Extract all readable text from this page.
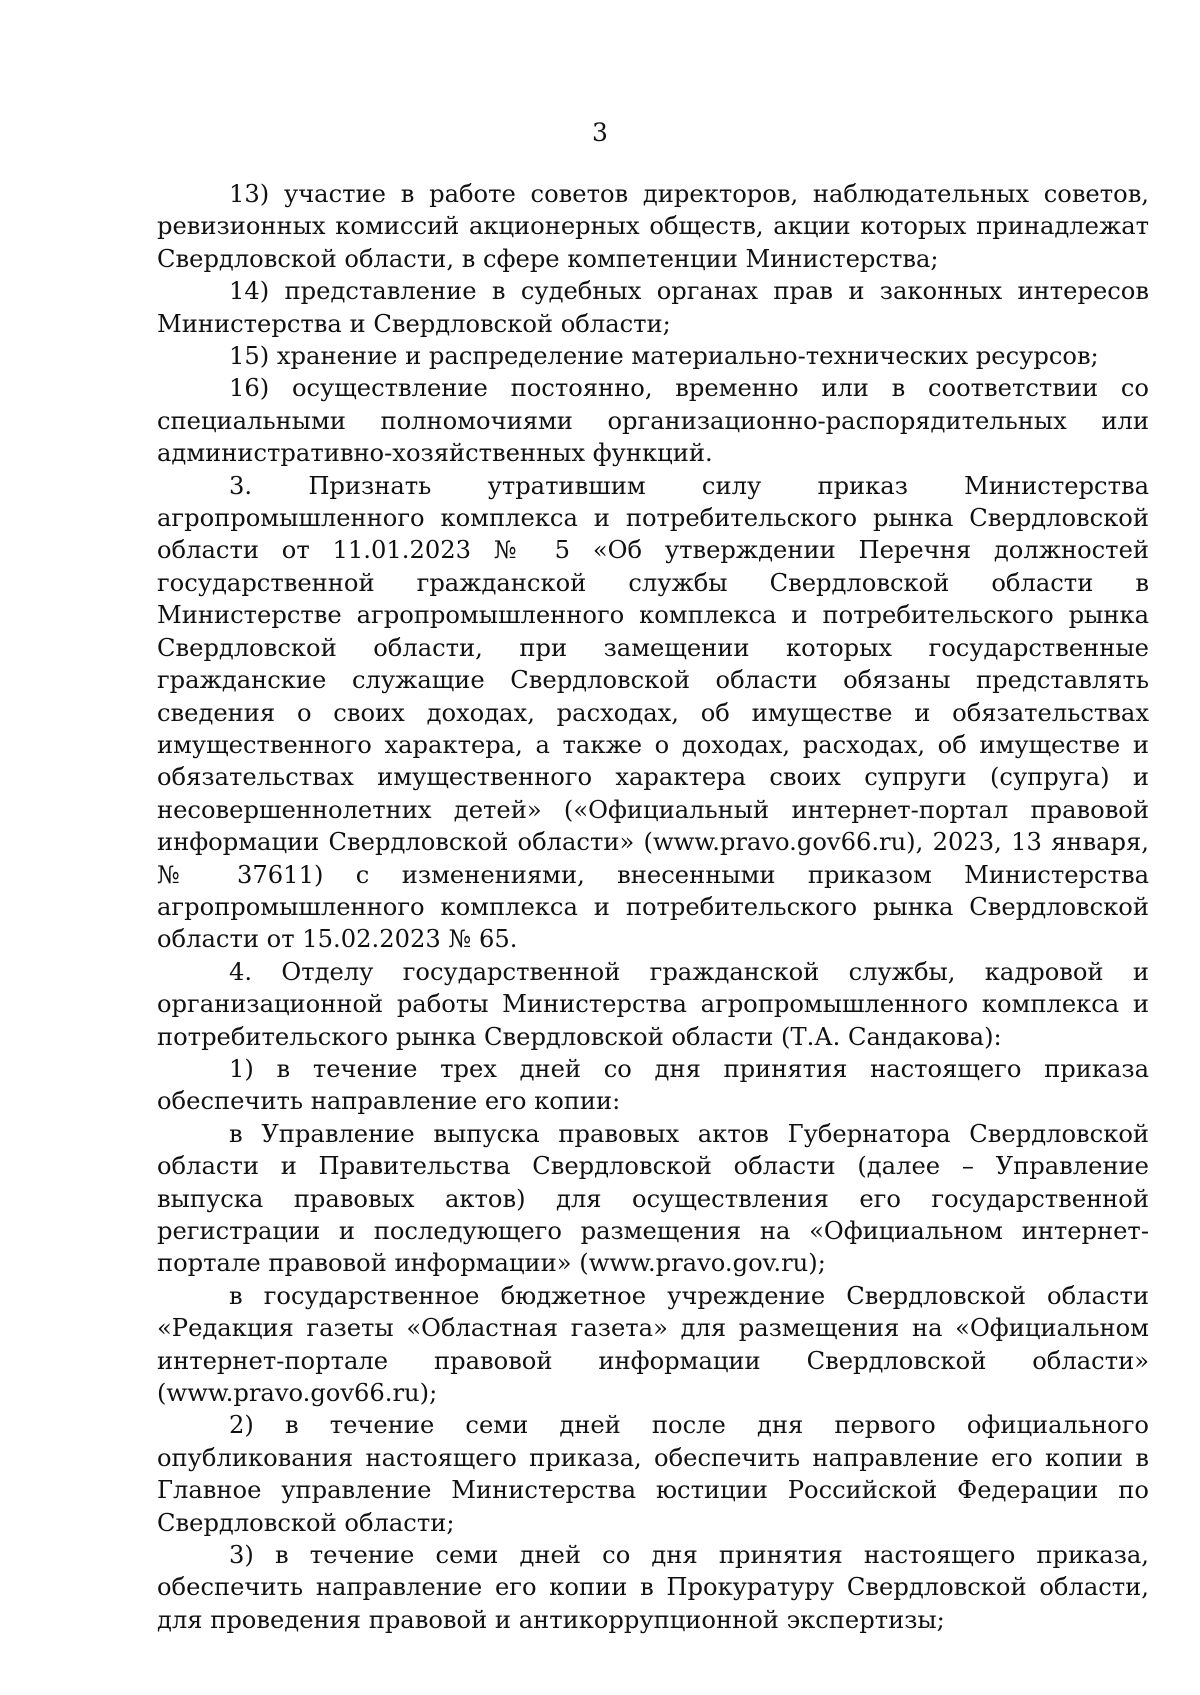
3

13) участие в работе советов директоров, наблюдательных советов, ревизионных комиссий акционерных обществ, акции которых принадлежат Свердловской области, в сфере компетенции Министерства;

14) представление в судебных органах прав и законных интересов Министерства и Свердловской области;

15) хранение и распределение материально-технических ресурсов;

16) осуществление постоянно, временно или в соответствии со специальными полномочиями организационно-распорядительных или административно-хозяйственных функций.

3. Признать утратившим силу приказ Министерства агропромышленного комплекса и потребительского рынка Свердловской области от 11.01.2023 № 5 «Об утверждении Перечня должностей государственной гражданской службы Свердловской области в Министерстве агропромышленного комплекса и потребительского рынка Свердловской области, при замещении которых государственные гражданские служащие Свердловской области обязаны представлять сведения о своих доходах, расходах, об имуществе и обязательствах имущественного характера, а также о доходах, расходах, об имуществе и обязательствах имущественного характера своих супруги (супруга) и несовершеннолетних детей» («Официальный интернет-портал правовой информации Свердловской области» (www.pravo.gov66.ru), 2023, 13 января, № 37611) с изменениями, внесенными приказом Министерства агропромышленного комплекса и потребительского рынка Свердловской области от 15.02.2023 № 65.

4. Отделу государственной гражданской службы, кадровой и организационной работы Министерства агропромышленного комплекса и потребительского рынка Свердловской области (Т.А. Сандакова):

1) в течение трех дней со дня принятия настоящего приказа обеспечить направление его копии:

в Управление выпуска правовых актов Губернатора Свердловской области и Правительства Свердловской области (далее – Управление выпуска правовых актов) для осуществления его государственной регистрации и последующего размещения на «Официальном интернет-портале правовой информации» (www.pravo.gov.ru);

в государственное бюджетное учреждение Свердловской области «Редакция газеты «Областная газета» для размещения на «Официальном интернет-портале правовой информации Свердловской области» (www.pravo.gov66.ru);

2) в течение семи дней после дня первого официального опубликования настоящего приказа, обеспечить направление его копии в Главное управление Министерства юстиции Российской Федерации по Свердловской области;

3) в течение семи дней со дня принятия настоящего приказа, обеспечить направление его копии в Прокуратуру Свердловской области, для проведения правовой и антикоррупционной экспертизы;
